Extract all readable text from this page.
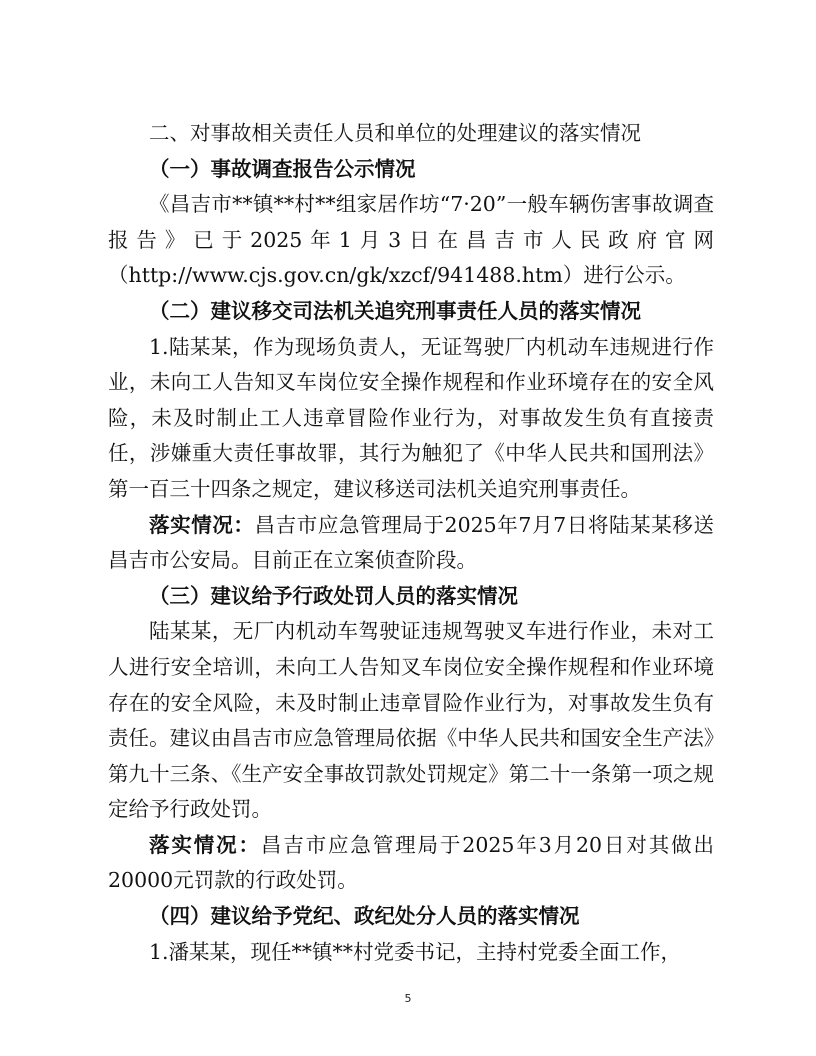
二、对事故相关责任人员和单位的处理建议的落实情况

（一）事故调查报告公示情况

《昌吉市**镇**村**组家居作坊“7·20”一般车辆伤害事故调查报告》已于2025年1月3日在昌吉市人民政府官网（http://www.cjs.gov.cn/gk/xzcf/941488.htm）进行公示。

（二）建议移交司法机关追究刑事责任人员的落实情况

1.陆某某，作为现场负责人，无证驾驶厂内机动车违规进行作业，未向工人告知叉车岗位安全操作规程和作业环境存在的安全风险，未及时制止工人违章冒险作业行为，对事故发生负有直接责任，涉嫌重大责任事故罪，其行为触犯了《中华人民共和国刑法》第一百三十四条之规定，建议移送司法机关追究刑事责任。

落实情况：昌吉市应急管理局于2025年7月7日将陆某某移送昌吉市公安局。目前正在立案侦查阶段。

（三）建议给予行政处罚人员的落实情况

陆某某，无厂内机动车驾驶证违规驾驶叉车进行作业，未对工人进行安全培训，未向工人告知叉车岗位安全操作规程和作业环境存在的安全风险，未及时制止违章冒险作业行为，对事故发生负有责任。建议由昌吉市应急管理局依据《中华人民共和国安全生产法》第九十三条、《生产安全事故罚款处罚规定》第二十一条第一项之规定给予行政处罚。

落实情况：昌吉市应急管理局于2025年3月20日对其做出20000元罚款的行政处罚。

（四）建议给予党纪、政纪处分人员的落实情况

1.潘某某，现任**镇**村党委书记，主持村党委全面工作，

5
